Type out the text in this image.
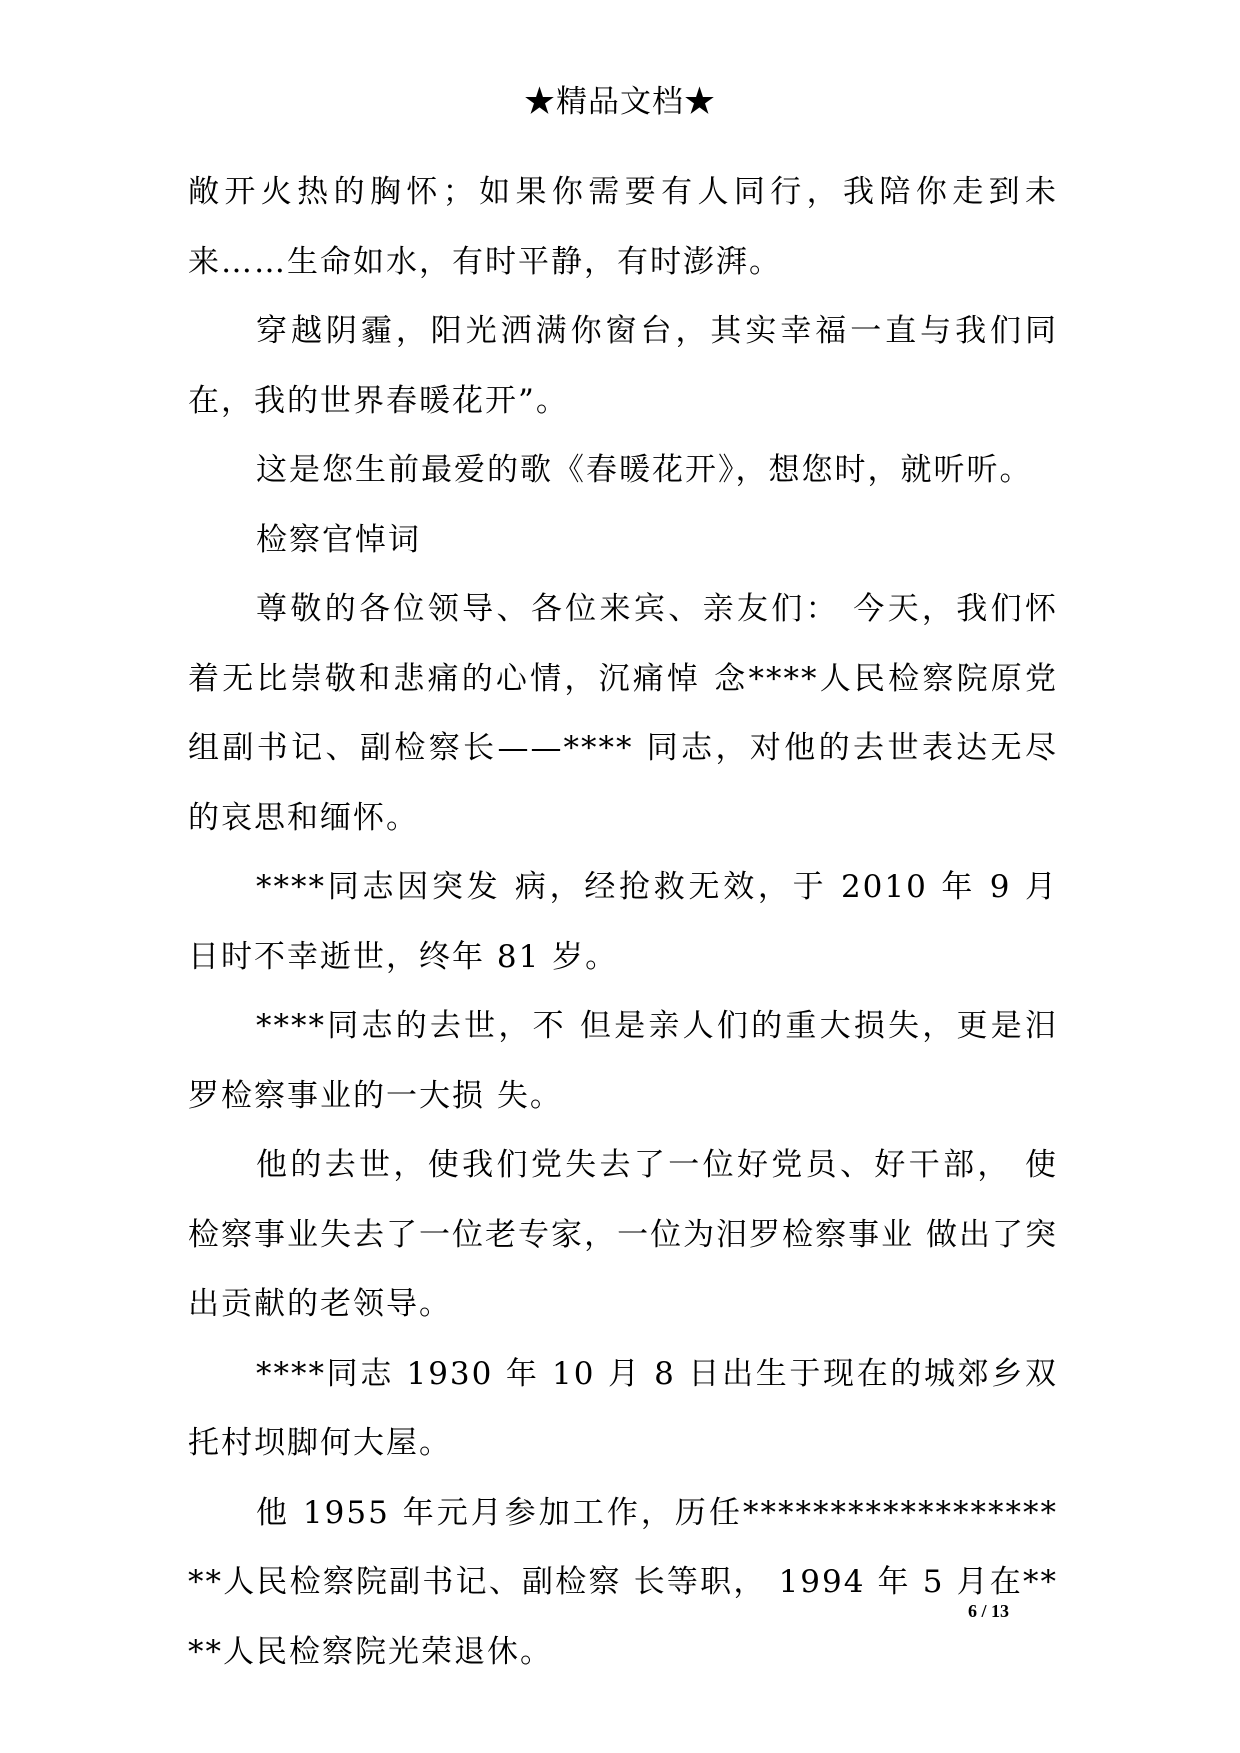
★精品文档★

敞开火热的胸怀；如果你需要有人同行，我陪你走到未来……生命如水，有时平静，有时澎湃。

穿越阴霾，阳光洒满你窗台，其实幸福一直与我们同在，我的世界春暖花开”。

这是您生前最爱的歌《春暖花开》，想您时，就听听。

检察官悼词

尊敬的各位领导、各位来宾、亲友们： 今天，我们怀着无比崇敬和悲痛的心情，沉痛悼 念****人民检察院原党组副书记、副检察长——**** 同志，对他的去世表达无尽的哀思和缅怀。

****同志因突发 病，经抢救无效，于 2010 年 9 月 日时不幸逝世，终年 81 岁。

****同志的去世，不 但是亲人们的重大损失，更是汨罗检察事业的一大损 失。

他的去世，使我们党失去了一位好党员、好干部， 使检察事业失去了一位老专家，一位为汨罗检察事业 做出了突出贡献的老领导。

****同志 1930 年 10 月 8 日出生于现在的城郊乡双托村坝脚何大屋。

他 1955 年元月参加工作，历任********************人民检察院副书记、副检察 长等职， 1994 年 5 月在****人民检察院光荣退休。

6 / 13
